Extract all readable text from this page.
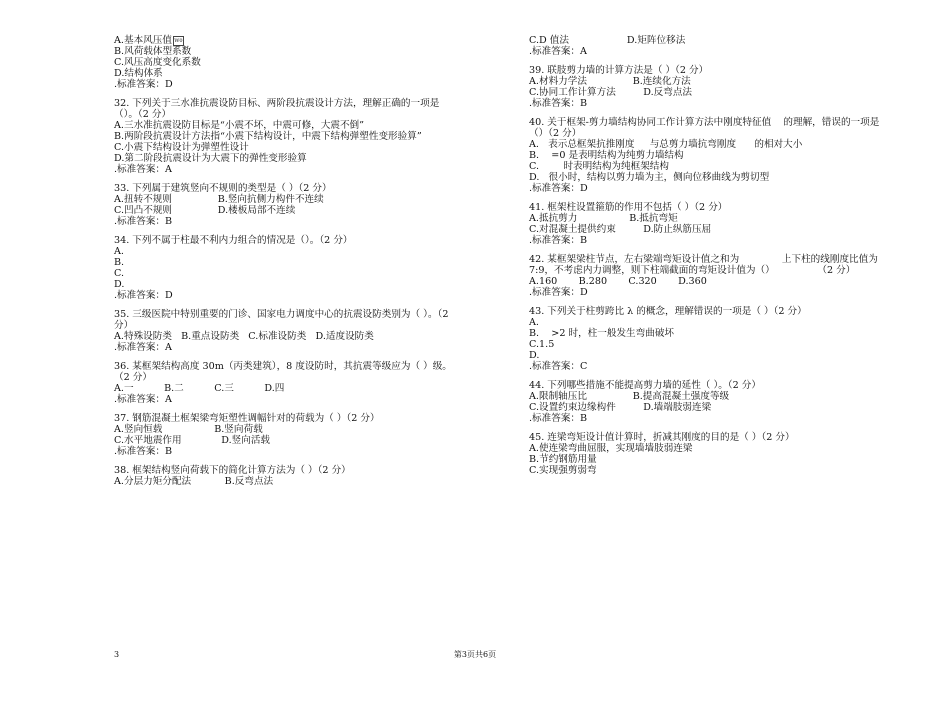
A.基本风压值 W0

B.风荷载体型系数
C.风压高度变化系数
D.结构体系
.标准答案：D
32. 下列关于三水准抗震设防目标、两阶段抗震设计方法，理解正确的一项是
（）。（2 分）
A.三水准抗震设防目标是“小震不坏，中震可修，大震不倒”
B.两阶段抗震设计方法指“小震下结构设计，中震下结构弹塑性变形验算”
C.小震下结构设计为弹塑性设计
D.第二阶段抗震设计为大震下的弹性变形验算
.标准答案：A
33. 下列属于建筑竖向不规则的类型是（ ）（2 分）
A.扭转不规则               B.竖向抗侧力构件不连续
C.凹凸不规则               D.楼板局部不连续
.标准答案：B
34. 下列不属于柱最不利内力组合的情况是（）。（2 分）
A.
B.
C.
D.
.标准答案：D
35. 三级医院中特别重要的门诊、国家电力调度中心的抗震设防类别为（ ）。（2
分）
A.特殊设防类   B.重点设防类   C.标准设防类   D.适度设防类
.标准答案：A
36. 某框架结构高度 30m（丙类建筑），8 度设防时，其抗震等级应为（ ）级。
（2 分）
A.一          B.二          C.三          D.四
.标准答案：A
37. 钢筋混凝土框架梁弯矩塑性调幅针对的荷载为（ ）（2 分）
A.竖向恒载                 B.竖向荷载
C.水平地震作用             D.竖向活载
.标准答案：B
38. 框架结构竖向荷载下的简化计算方法为（ ）（2 分）
A.分层力矩分配法           B.反弯点法
C.D 值法                   D.矩阵位移法
.标准答案：A
39. 联肢剪力墙的计算方法是（ ）（2 分）
A.材料力学法               B.连续化方法
C.协同工作计算方法         D.反弯点法
.标准答案：B
40. 关于框架-剪力墙结构协同工作计算方法中刚度特征值    的理解，错误的一项是
（）（2 分）
A.   表示总框架抗推刚度     与总剪力墙抗弯刚度      的相对大小
B.    =0 是表明结构为纯剪力墙结构
C.        时表明结构为纯框架结构
D.   很小时，结构以剪力墙为主，侧向位移曲线为剪切型
.标准答案：D
41. 框架柱设置箍筋的作用不包括（ ）（2 分）
A.抵抗剪力                 B.抵抗弯矩
C.对混凝土提供约束         D.防止纵筋压屈
.标准答案：B
42. 某框架梁柱节点，左右梁端弯矩设计值之和为              上下柱的线刚度比值为
7:9，不考虑内力调整，则下柱端截面的弯矩设计值为（）              （2 分）
A.160       B.280       C.320       D.360
.标准答案：D
43. 下列关于柱剪跨比 λ 的概念，理解错误的一项是（ ）（2 分）
A.
B.    >2 时，柱一般发生弯曲破坏
C.1.5
D.
.标准答案：C
44. 下列哪些措施不能提高剪力墙的延性（ ）。（2 分）
A.限制轴压比               B.提高混凝土强度等级
C.设置约束边缘构件         D.墙端肢弱连梁
.标准答案：B
45. 连梁弯矩设计值计算时，折减其刚度的目的是（ ）（2 分）
A.使连梁弯曲屈服，实现墙墙肢弱连梁
B.节约钢筋用量
C.实现强剪弱弯
3	第3页共6页
